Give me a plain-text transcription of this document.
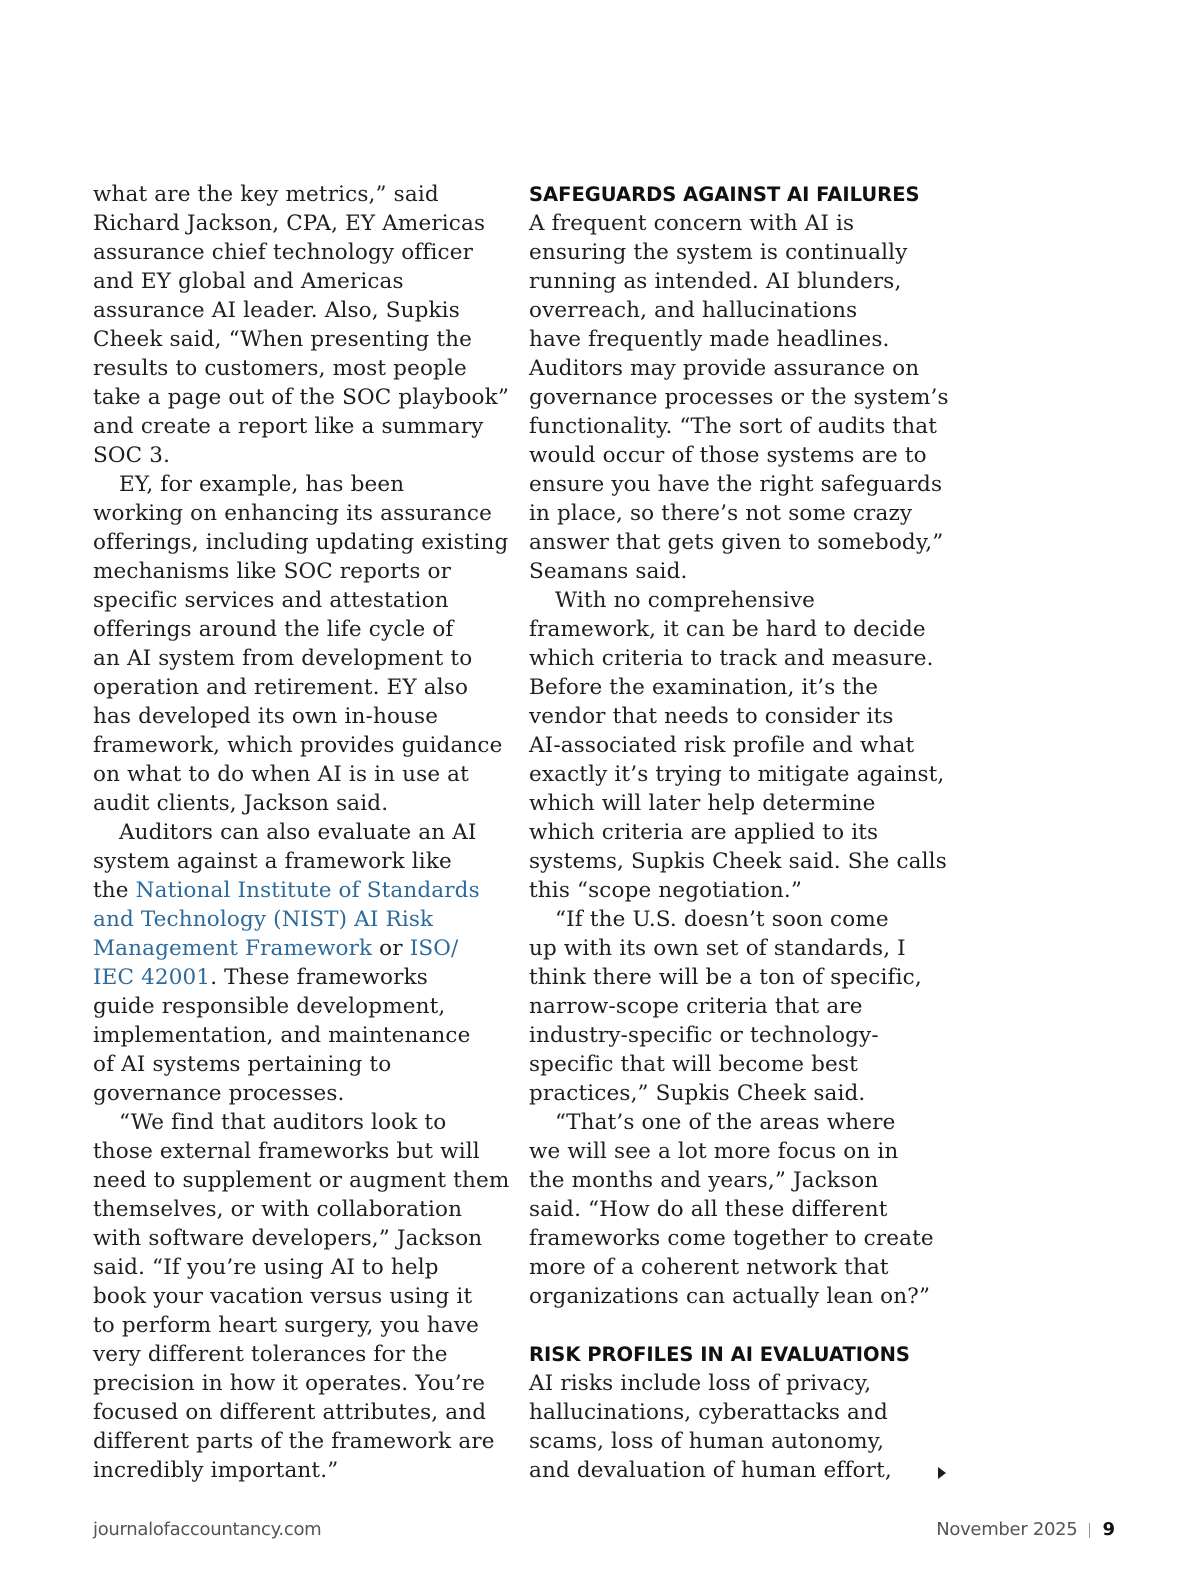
what are the key metrics,” said
Richard Jackson, CPA, EY Americas
assurance chief technology officer
and EY global and Americas
assurance AI leader. Also, Supkis
Cheek said, “When presenting the
results to customers, most people
take a page out of the SOC playbook”
and create a report like a summary
SOC 3.
EY, for example, has been
working on enhancing its assurance
offerings, including updating existing
mechanisms like SOC reports or
specific services and attestation
offerings around the life cycle of
an AI system from development to
operation and retirement. EY also
has developed its own in-house
framework, which provides guidance
on what to do when AI is in use at
audit clients, Jackson said.
Auditors can also evaluate an AI
system against a framework like
the National Institute of Standards
and Technology (NIST) AI Risk
Management Framework or ISO/
IEC 42001. These frameworks
guide responsible development,
implementation, and maintenance
of AI systems pertaining to
governance processes.
“We find that auditors look to
those external frameworks but will
need to supplement or augment them
themselves, or with collaboration
with software developers,” Jackson
said. “If you’re using AI to help
book your vacation versus using it
to perform heart surgery, you have
very different tolerances for the
precision in how it operates. You’re
focused on different attributes, and
different parts of the framework are
incredibly important.”
SAFEGUARDS AGAINST AI FAILURES
A frequent concern with AI is
ensuring the system is continually
running as intended. AI blunders,
overreach, and hallucinations
have frequently made headlines.
Auditors may provide assurance on
governance processes or the system’s
functionality. “The sort of audits that
would occur of those systems are to
ensure you have the right safeguards
in place, so there’s not some crazy
answer that gets given to somebody,”
Seamans said.
With no comprehensive
framework, it can be hard to decide
which criteria to track and measure.
Before the examination, it’s the
vendor that needs to consider its
AI-associated risk profile and what
exactly it’s trying to mitigate against,
which will later help determine
which criteria are applied to its
systems, Supkis Cheek said. She calls
this “scope negotiation.”
“If the U.S. doesn’t soon come
up with its own set of standards, I
think there will be a ton of specific,
narrow-scope criteria that are
industry-specific or technology-
specific that will become best
practices,” Supkis Cheek said.
“That’s one of the areas where
we will see a lot more focus on in
the months and years,” Jackson
said. “How do all these different
frameworks come together to create
more of a coherent network that
organizations can actually lean on?”
RISK PROFILES IN AI EVALUATIONS
AI risks include loss of privacy,
hallucinations, cyberattacks and
scams, loss of human autonomy,
and devaluation of human effort,
journalofaccountancy.com	November 2025 9
